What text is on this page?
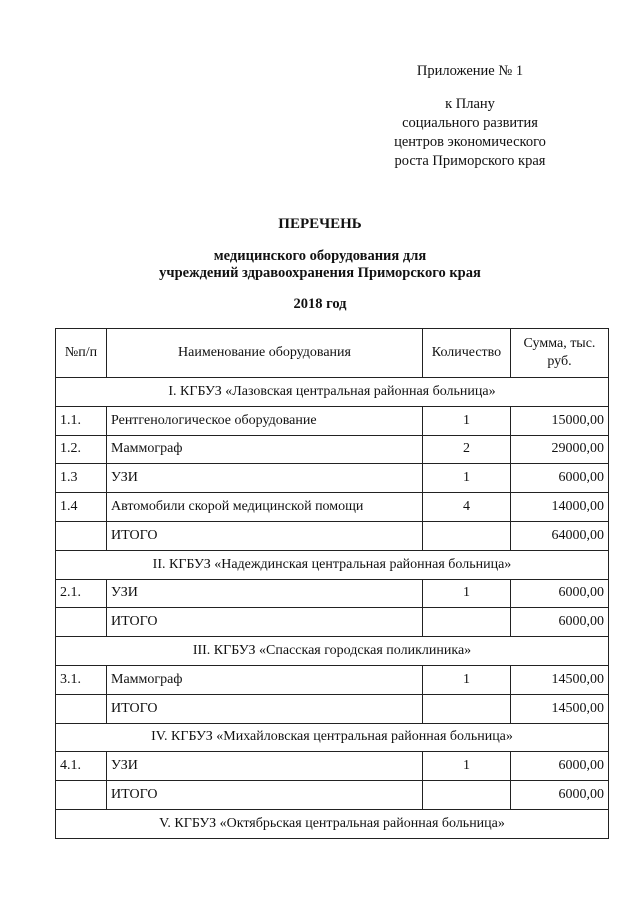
Приложение № 1
к Плану
социального развития
центров экономического
роста Приморского края
ПЕРЕЧЕНЬ
медицинского оборудования для
учреждений здравоохранения Приморского края
2018 год
№п/п	Наименование оборудования	Количество	Сумма, тыс. руб.
I. КГБУЗ «Лазовская центральная районная больница»			
1.1.	Рентгенологическое оборудование	1	15000,00
1.2.	Маммограф	2	29000,00
1.3	УЗИ	1	6000,00
1.4	Автомобили скорой медицинской помощи	4	14000,00
	ИТОГО		64000,00
II. КГБУЗ «Надеждинская центральная районная больница»			
2.1.	УЗИ	1	6000,00
	ИТОГО		6000,00
III. КГБУЗ «Спасская городская поликлиника»			
3.1.	Маммограф	1	14500,00
	ИТОГО		14500,00
IV. КГБУЗ «Михайловская центральная районная больница»			
4.1.	УЗИ	1	6000,00
	ИТОГО		6000,00
V. КГБУЗ «Октябрьская центральная районная больница»			
